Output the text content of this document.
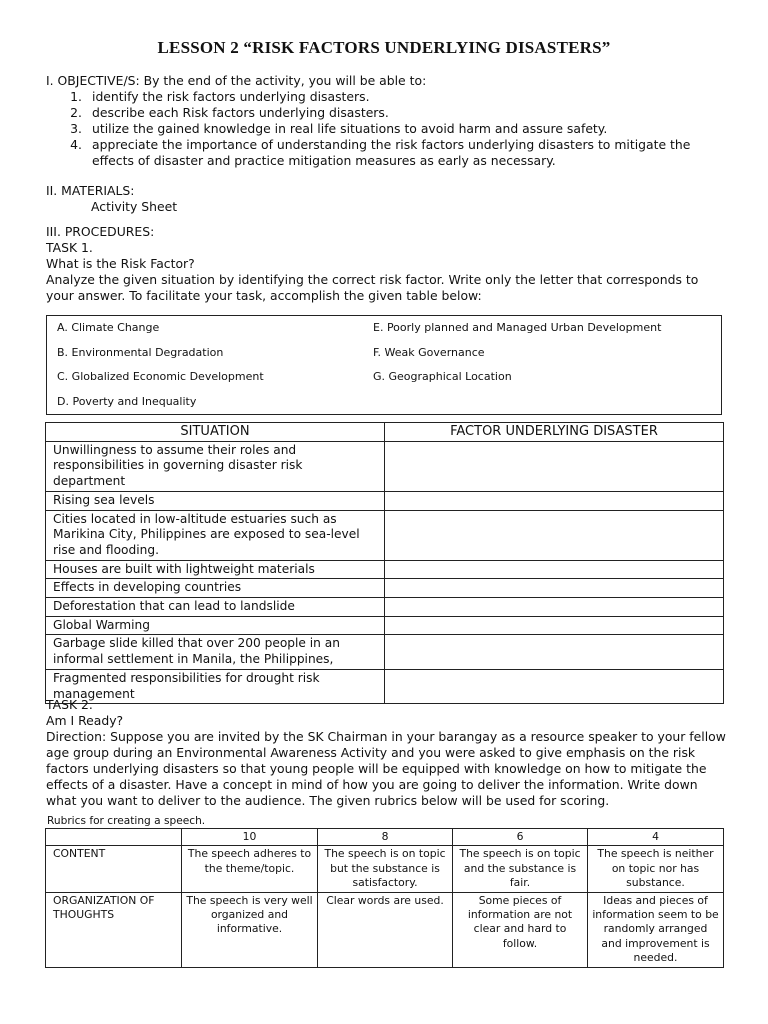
LESSON 2 “RISK FACTORS UNDERLYING DISASTERS”
I. OBJECTIVE/S: By the end of the activity, you will be able to:
1. identify the risk factors underlying disasters.
2. describe each Risk factors underlying disasters.
3. utilize the gained knowledge in real life situations to avoid harm and assure safety.
4. appreciate the importance of understanding the risk factors underlying disasters to mitigate the effects of disaster and practice mitigation measures as early as necessary.
II. MATERIALS:
Activity Sheet
III. PROCEDURES:
TASK 1.
What is the Risk Factor?
Analyze the given situation by identifying the correct risk factor. Write only the letter that corresponds to your answer. To facilitate your task, accomplish the given table below:
A. Climate Change
B. Environmental Degradation
C. Globalized Economic Development
D. Poverty and Inequality
E. Poorly planned and Managed Urban Development
F. Weak Governance
G. Geographical Location
SITUATION	FACTOR UNDERLYING DISASTER
Unwillingness to assume their roles and responsibilities in governing disaster risk department	
Rising sea levels	
Cities located in low-altitude estuaries such as Marikina City, Philippines are exposed to sea-level rise and flooding.	
Houses are built with lightweight materials	
Effects in developing countries	
Deforestation that can lead to landslide	
Global Warming	
Garbage slide killed that over 200 people in an informal settlement in Manila, the Philippines,	
Fragmented responsibilities for drought risk management	
TASK 2.
Am I Ready?
Direction: Suppose you are invited by the SK Chairman in your barangay as a resource speaker to your fellow age group during an Environmental Awareness Activity and you were asked to give emphasis on the risk factors underlying disasters so that young people will be equipped with knowledge on how to mitigate the effects of a disaster. Have a concept in mind of how you are going to deliver the information. Write down what you want to deliver to the audience. The given rubrics below will be used for scoring.
Rubrics for creating a speech.
	10	8	6	4
CONTENT	The speech adheres to the theme/topic.	The speech is on topic but the substance is satisfactory.	The speech is on topic and the substance is fair.	The speech is neither on topic nor has substance.
ORGANIZATION OF THOUGHTS	The speech is very well organized and informative.	Clear words are used.	Some pieces of information are not clear and hard to follow.	Ideas and pieces of information seem to be randomly arranged and improvement is needed.
